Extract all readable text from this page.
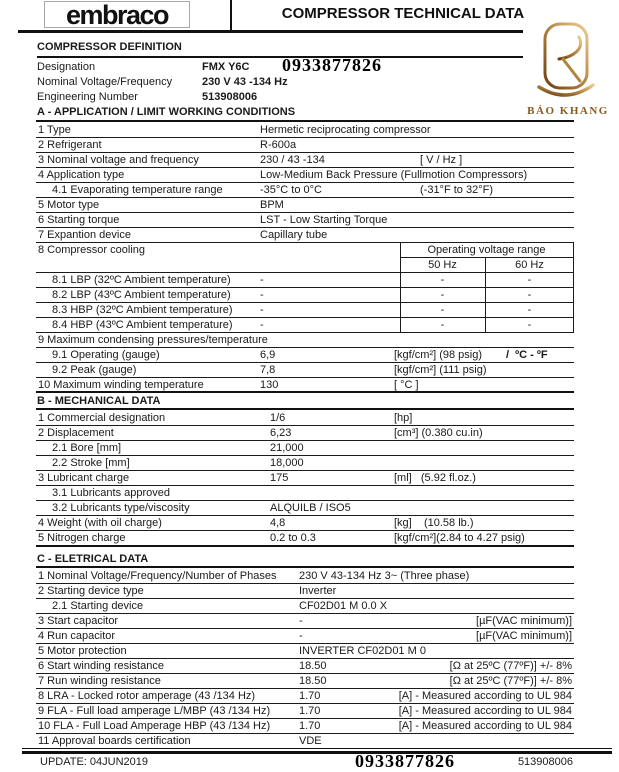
embraco	COMPRESSOR TECHNICAL DATA
BẢO KHANG
COMPRESSOR DEFINITION
Designation	FMX Y6C 0933877826
Nominal Voltage/Frequency	230 V 43 -134 Hz
Engineering Number	513908006
A - APPLICATION / LIMIT WORKING CONDITIONS
1 Type	Hermetic reciprocating compressor
2 Refrigerant	R-600a
3 Nominal voltage and frequency	230 / 43 -134	[ V / Hz ]
4 Application type	Low-Medium Back Pressure (Fullmotion Compressors)
4.1 Evaporating temperature range	-35°C to 0°C	(-31°F to 32°F)
5 Motor type	BPM
6 Starting torque	LST - Low Starting Torque
7 Expantion device	Capillary tube
8 Compressor cooling	Operating voltage range
50 Hz	60 Hz
8.1 LBP (32ºC Ambient temperature)	-	-	-
8.2 LBP (43ºC Ambient temperature)	-	-	-
8.3 HBP (32ºC Ambient temperature) -	-	-
8.4 HBP (43ºC Ambient temperature) -	-	-
9 Maximum condensing pressures/temperature
9.1 Operating (gauge)	6,9	[kgf/cm²] (98 psig) /  ºC - ºF
9.2 Peak (gauge)	7,8	[kgf/cm²] (111 psig)
10 Maximum winding temperature	130	[ °C ]
B - MECHANICAL DATA
1 Commercial designation	1/6	[hp]
2 Displacement	6,23	[cm³] (0.380 cu.in)
2.1 Bore [mm]	21,000
2.2 Stroke [mm]	18,000
3 Lubricant charge	175	[ml]   (5.92 fl.oz.)
3.1 Lubricants approved
3.2 Lubricants type/viscosity	ALQUILB / ISO5
4 Weight (with oil charge)	4,8	[kg]    (10.58 lb.)
5 Nitrogen charge	0.2 to 0.3	[kgf/cm²](2.84 to 4.27 psig)
C - ELETRICAL DATA
1 Nominal Voltage/Frequency/Number of Phases 230 V 43-134 Hz 3~ (Three phase)
2 Starting device type	Inverter
2.1 Starting device	CF02D01 M 0.0 X
3 Start capacitor	-	[µF(VAC minimum)]
4 Run capacitor	-	[µF(VAC minimum)]
5 Motor protection	INVERTER CF02D01 M 0
6 Start winding resistance	18.50	[Ω at 25ºC (77ºF)] +/- 8%
7 Run winding resistance	18.50	[Ω at 25ºC (77ºF)] +/- 8%
8 LRA - Locked rotor amperage (43 /134 Hz)	1.70	[A] - Measured according to UL 984
9 FLA - Full load amperage L/MBP (43 /134 Hz)	1.70	[A] - Measured according to UL 984
10 FLA - Full Load Amperage HBP (43 /134 Hz)	1.70	[A] - Measured according to UL 984
11 Approval boards certification	VDE
UPDATE: 04JUN2019	0933877826	513908006
